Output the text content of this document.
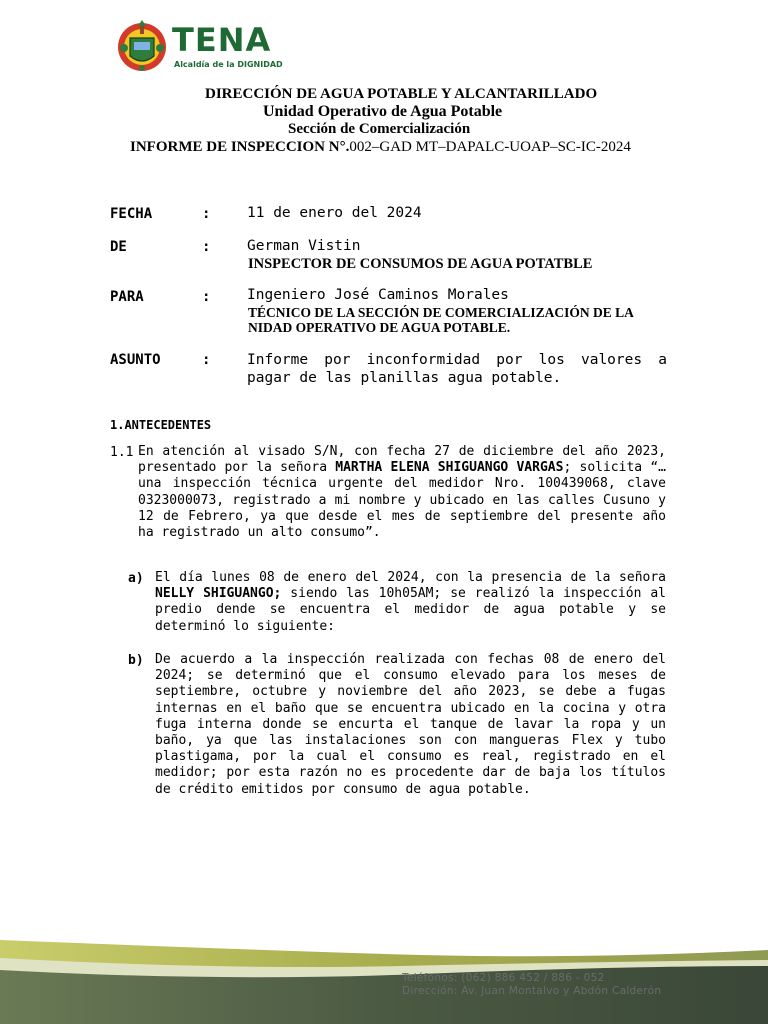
TENA
Alcaldía de la DIGNIDAD
DIRECCIÓN DE AGUA POTABLE Y ALCANTARILLADO
Unidad Operativo de Agua Potable
Sección de Comercialización
INFORME DE INSPECCION N°.002–GAD MT–DAPALC-UOAP–SC-IC-2024
FECHA	:	11 de enero del 2024
DE	:	German Vistin
INSPECTOR DE CONSUMOS DE AGUA POTATBLE
PARA	:	Ingeniero José Caminos Morales
TÉCNICO DE LA SECCIÓN DE COMERCIALIZACIÓN DE LA
NIDAD OPERATIVO DE AGUA POTABLE.
ASUNTO	:	Informe por inconformidad por los valores a pagar de las planillas agua potable.
1.ANTECEDENTES
1.1 En atención al visado S/N, con fecha 27 de diciembre del año 2023, presentado por la señora MARTHA ELENA SHIGUANGO VARGAS; solicita “…una inspección técnica urgente del medidor Nro. 100439068, clave 0323000073, registrado a mi nombre y ubicado en las calles Cusuno y 12 de Febrero, ya que desde el mes de septiembre del presente año ha registrado un alto consumo”.
a) El día lunes 08 de enero del 2024, con la presencia de la señora NELLY SHIGUANGO; siendo las 10h05AM; se realizó la inspección al predio dende se encuentra el medidor de agua potable y se determinó lo siguiente:
b) De acuerdo a la inspección realizada con fechas 08 de enero del 2024; se determinó que el consumo elevado para los meses de septiembre, octubre y noviembre del año 2023, se debe a fugas internas en el baño que se encuentra ubicado en la cocina y otra fuga interna donde se encurta el tanque de lavar la ropa y un baño, ya que las instalaciones son con mangueras Flex y tubo plastigama, por la cual el consumo es real, registrado en el medidor; por esta razón no es procedente dar de baja los títulos de crédito emitidos por consumo de agua potable.
Teléfonos: (062) 886 452 / 886 - 052
Dirección: Av. Juan Montalvo y Abdón Calderón
